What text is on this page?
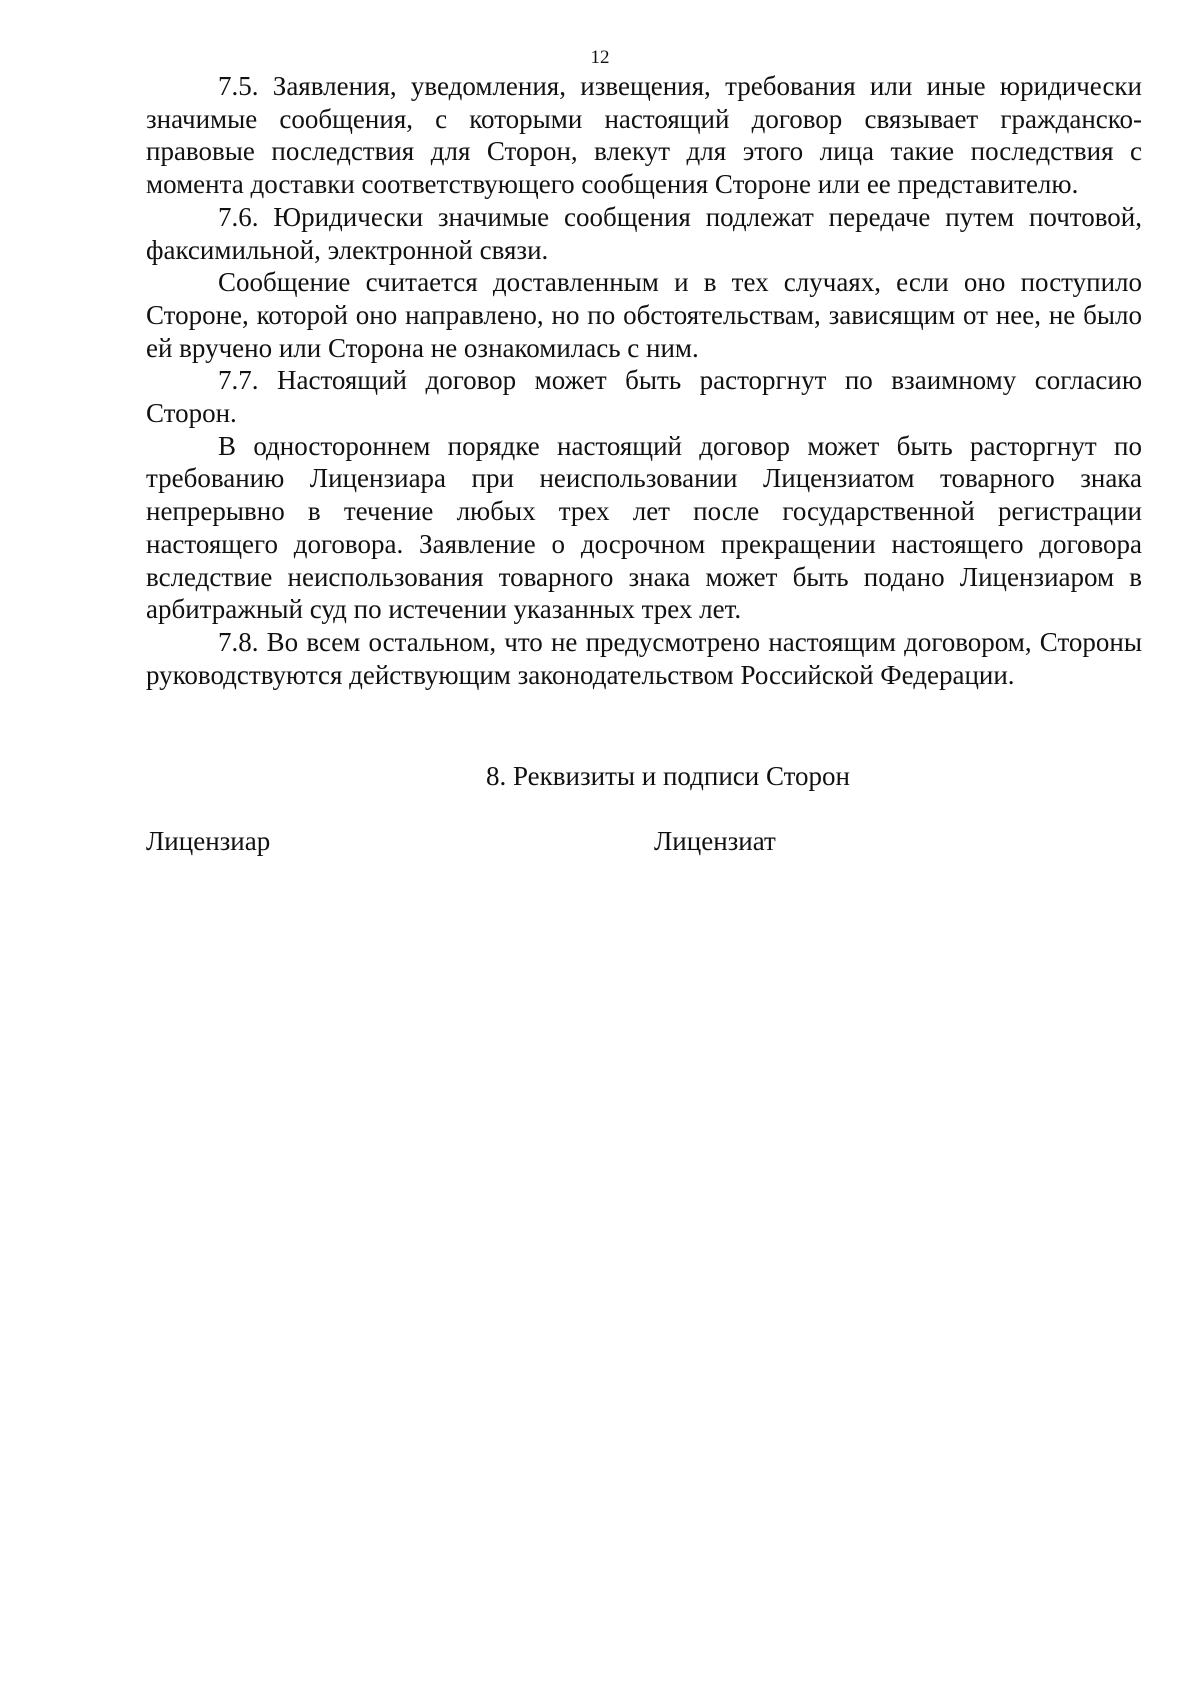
12

7.5. Заявления, уведомления, извещения, требования или иные юридически значимые сообщения, с которыми настоящий договор связывает гражданско-правовые последствия для Сторон, влекут для этого лица такие последствия с момента доставки соответствующего сообщения Стороне или ее представителю.

7.6. Юридически значимые сообщения подлежат передаче путем почтовой, факсимильной, электронной связи.

Сообщение считается доставленным и в тех случаях, если оно поступило Стороне, которой оно направлено, но по обстоятельствам, зависящим от нее, не было ей вручено или Сторона не ознакомилась с ним.

7.7. Настоящий договор может быть расторгнут по взаимному согласию Сторон.

В одностороннем порядке настоящий договор может быть расторгнут по требованию Лицензиара при неиспользовании Лицензиатом товарного знака непрерывно в течение любых трех лет после государственной регистрации настоящего договора. Заявление о досрочном прекращении настоящего договора вследствие неиспользования товарного знака может быть подано Лицензиаром в арбитражный суд по истечении указанных трех лет.

7.8. Во всем остальном, что не предусмотрено настоящим договором, Стороны руководствуются действующим законодательством Российской Федерации.

8. Реквизиты и подписи Сторон
Лицензиар	Лицензиат
